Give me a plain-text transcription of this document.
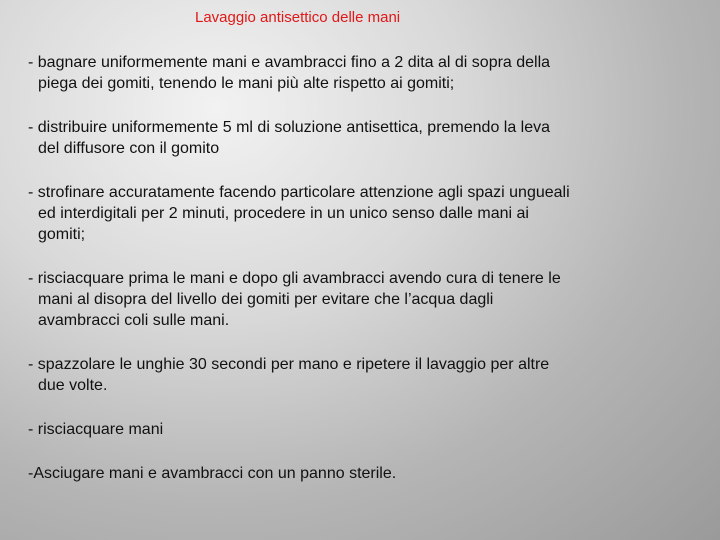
Lavaggio antisettico delle mani

- bagnare uniformemente mani e avambracci fino a 2 dita al di sopra della
piega dei gomiti, tenendo le mani più alte rispetto ai gomiti;

- distribuire uniformemente 5 ml di soluzione antisettica, premendo la leva
del diffusore con il gomito

- strofinare accuratamente facendo particolare attenzione agli spazi ungueali
ed interdigitali per 2 minuti, procedere in un unico senso dalle mani ai
gomiti;

- risciacquare prima le mani e dopo gli avambracci avendo cura di tenere le
mani al disopra del livello dei gomiti per evitare che l’acqua dagli
avambracci coli sulle mani.

- spazzolare le unghie 30 secondi per mano e ripetere il lavaggio per altre
due volte.

- risciacquare mani

-Asciugare mani e avambracci con un panno sterile.
